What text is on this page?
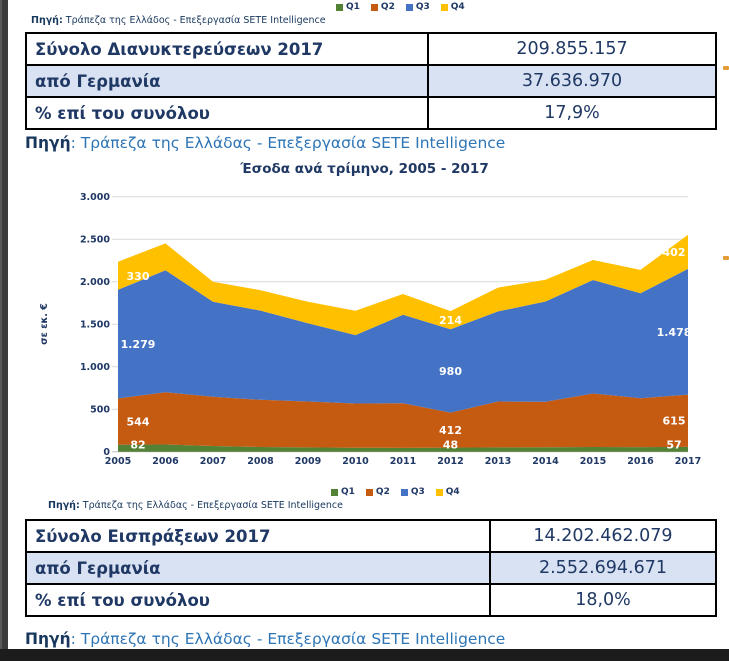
Q1 Q2 Q3 Q4
Πηγή: Τράπεζα της Ελλάδος - Επεξεργασία SETE Intelligence
Σύνολο Διανυκτερεύσεων 2017	209.855.157
από Γερμανία	37.636.970
% επί του συνόλου	17,9%
Πηγή: Τράπεζα της Ελλάδας - Επεξεργασία SETE Intelligence
Έσοδα ανά τρίμηνο, 2005 - 2017
0
500
1.000
1.500
2.000
2.500
3.000
2005 2006 2007 2008 2009 2010 2011 2012 2013 2014 2015 2016 2017
σε εκ. €
82
544
1.279
330
48
412
980
214
57
615
1.478
402
Q1 Q2 Q3 Q4
Πηγή: Τράπεζα της Ελλάδας - Επεξεργασία SETE Intelligence
Σύνολο Εισπράξεων 2017	14.202.462.079
από Γερμανία	2.552.694.671
% επί του συνόλου	18,0%
Πηγή: Τράπεζα της Ελλάδας - Επεξεργασία SETE Intelligence
